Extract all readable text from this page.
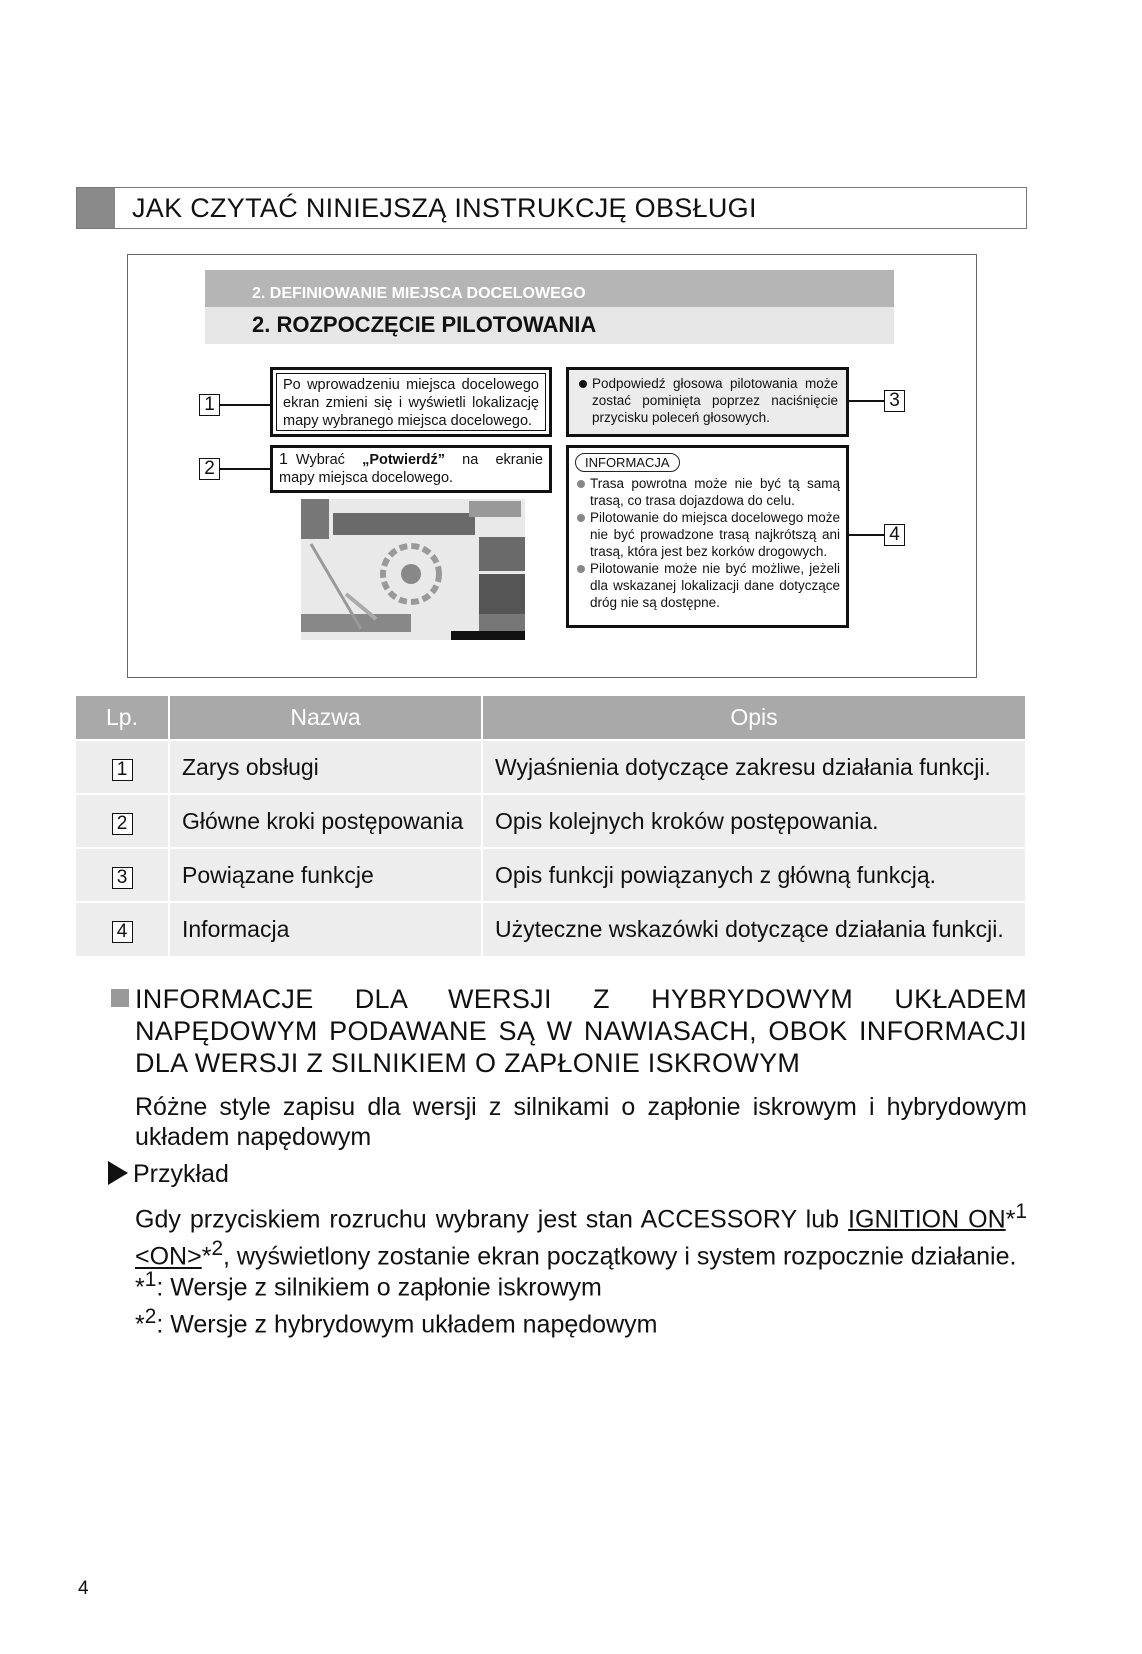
JAK CZYTAĆ NINIEJSZĄ INSTRUKCJĘ OBSŁUGI
2. DEFINIOWANIE MIEJSCA DOCELOWEGO
2. ROZPOCZĘCIE PILOTOWANIA
Po wprowadzeniu miejsca docelowego ekran zmieni się i wyświetli lokalizację mapy wybranego miejsca docelowego.
1 Wybrać „Potwierdź” na ekranie mapy miejsca docelowego.
Podpowiedź głosowa pilotowania może zostać pominięta poprzez naciśnięcie przycisku poleceń głosowych.
INFORMACJA
Trasa powrotna może nie być tą samą trasą, co trasa dojazdowa do celu.
Pilotowanie do miejsca docelowego może nie być prowadzone trasą najkrótszą ani trasą, która jest bez korków drogowych.
Pilotowanie może nie być możliwe, jeżeli dla wskazanej lokalizacji dane dotyczące dróg nie są dostępne.
1
2
3
4
Lp.	Nazwa	Opis
1	Zarys obsługi	Wyjaśnienia dotyczące zakresu działania funkcji.
2	Główne kroki postępowania	Opis kolejnych kroków postępowania.
3	Powiązane funkcje	Opis funkcji powiązanych z główną funkcją.
4	Informacja	Użyteczne wskazówki dotyczące działania funkcji.
INFORMACJE DLA WERSJI Z HYBRYDOWYM UKŁADEM NAPĘDOWYM PODAWANE SĄ W NAWIASACH, OBOK INFORMACJI DLA WERSJI Z SILNIKIEM O ZAPŁONIE ISKROWYM
Różne style zapisu dla wersji z silnikami o zapłonie iskrowym i hybrydowym układem napędowym
Przykład
Gdy przyciskiem rozruchu wybrany jest stan ACCESSORY lub IGNITION ON*$^1$ <ON>*$^2$, wyświetlony zostanie ekran początkowy i system rozpocznie działanie.
*$^1$: Wersje z silnikiem o zapłonie iskrowym
*$^2$: Wersje z hybrydowym układem napędowym
4
